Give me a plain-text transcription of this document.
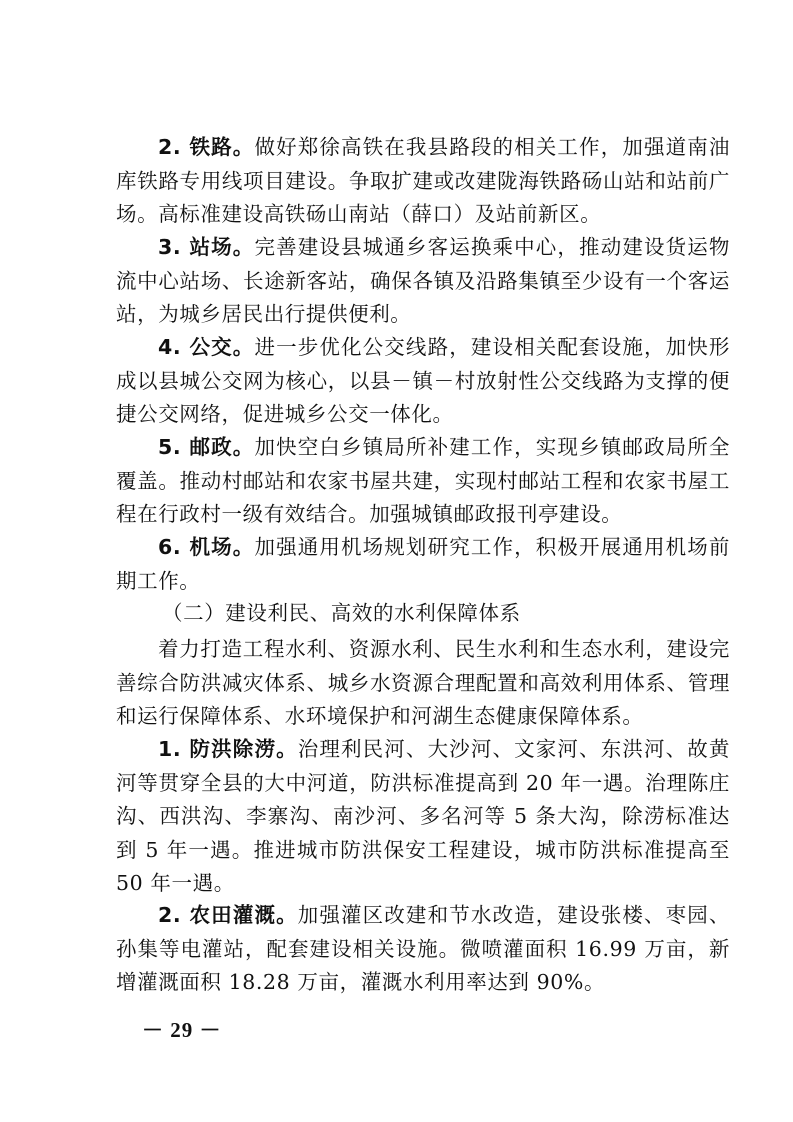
2. 铁路。做好郑徐高铁在我县路段的相关工作，加强道南油库铁路专用线项目建设。争取扩建或改建陇海铁路砀山站和站前广场。高标准建设高铁砀山南站（薛口）及站前新区。

3. 站场。完善建设县城通乡客运换乘中心，推动建设货运物流中心站场、长途新客站，确保各镇及沿路集镇至少设有一个客运站，为城乡居民出行提供便利。

4. 公交。进一步优化公交线路，建设相关配套设施，加快形成以县城公交网为核心，以县－镇－村放射性公交线路为支撑的便捷公交网络，促进城乡公交一体化。

5. 邮政。加快空白乡镇局所补建工作，实现乡镇邮政局所全覆盖。推动村邮站和农家书屋共建，实现村邮站工程和农家书屋工程在行政村一级有效结合。加强城镇邮政报刊亭建设。

6. 机场。加强通用机场规划研究工作，积极开展通用机场前期工作。

（二）建设利民、高效的水利保障体系

着力打造工程水利、资源水利、民生水利和生态水利，建设完善综合防洪减灾体系、城乡水资源合理配置和高效利用体系、管理和运行保障体系、水环境保护和河湖生态健康保障体系。

1. 防洪除涝。治理利民河、大沙河、文家河、东洪河、故黄河等贯穿全县的大中河道，防洪标准提高到 20 年一遇。治理陈庄沟、西洪沟、李寨沟、南沙河、多名河等 5 条大沟，除涝标准达到 5 年一遇。推进城市防洪保安工程建设，城市防洪标准提高至 50 年一遇。

2. 农田灌溉。加强灌区改建和节水改造，建设张楼、枣园、孙集等电灌站，配套建设相关设施。微喷灌面积 16.99 万亩，新增灌溉面积 18.28 万亩，灌溉水利用率达到 90%。

－ 29 －
